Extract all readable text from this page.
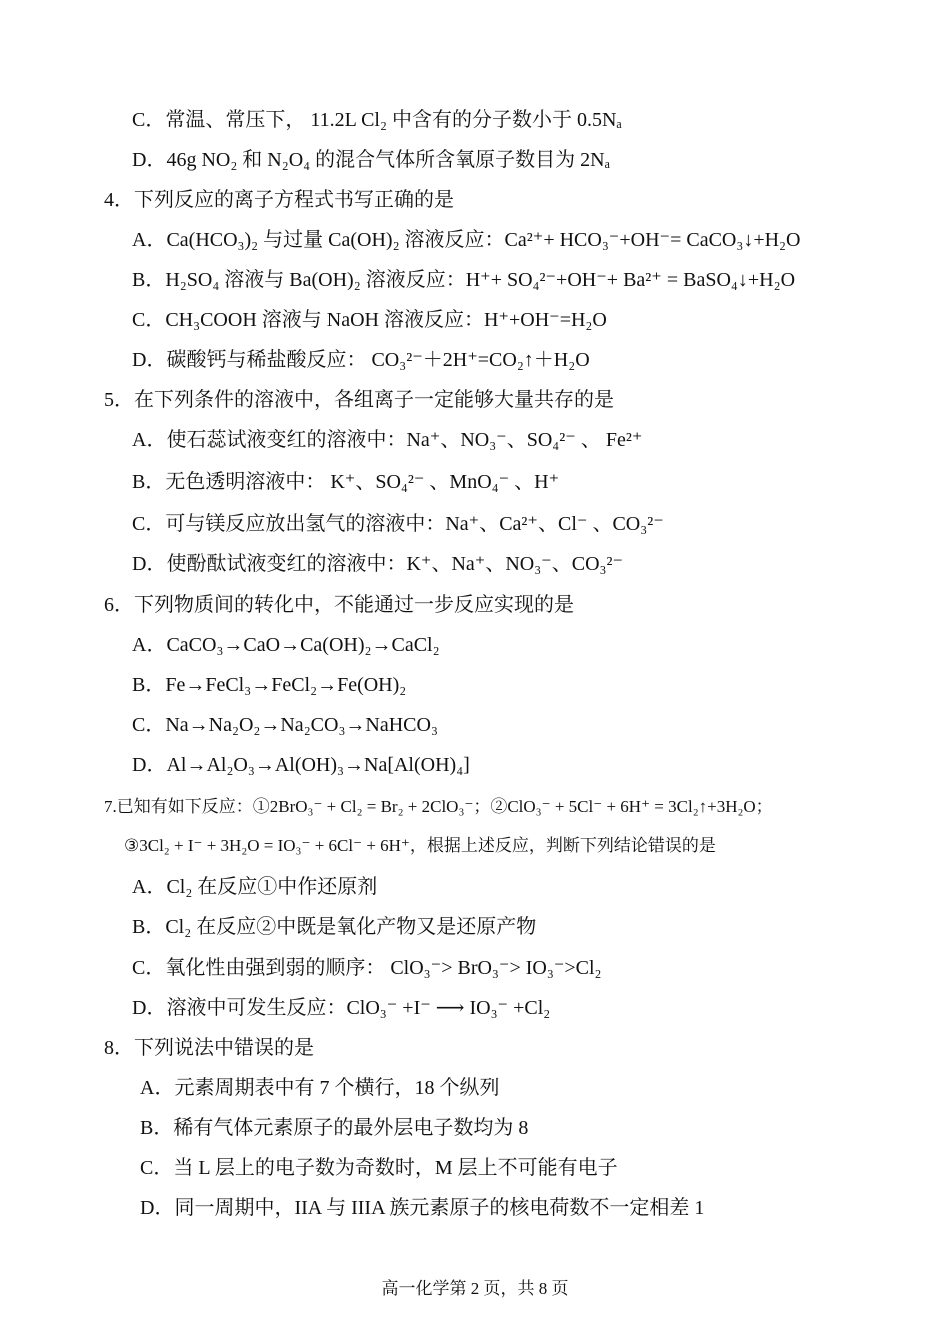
C．常温、常压下， 11.2L Cl₂ 中含有的分子数小于 0.5Nₐ
D．46g NO₂ 和 N₂O₄ 的混合气体所含氧原子数目为 2Nₐ
4．下列反应的离子方程式书写正确的是
A．Ca(HCO₃)₂ 与过量 Ca(OH)₂ 溶液反应：Ca²⁺+ HCO₃⁻+OH⁻= CaCO₃↓+H₂O
B．H₂SO₄ 溶液与 Ba(OH)₂ 溶液反应：H⁺+ SO₄²⁻+OH⁻+ Ba²⁺ = BaSO₄↓+H₂O
C．CH₃COOH 溶液与 NaOH 溶液反应：H⁺+OH⁻=H₂O
D．碳酸钙与稀盐酸反应： CO₃²⁻＋2H⁺=CO₂↑＋H₂O
5．在下列条件的溶液中，各组离子一定能够大量共存的是
A．使石蕊试液变红的溶液中：Na⁺、NO₃⁻、SO₄²⁻ 、 Fe²⁺
B．无色透明溶液中： K⁺、SO₄²⁻ 、MnO₄⁻ 、H⁺
C．可与镁反应放出氢气的溶液中：Na⁺、Ca²⁺、Cl⁻ 、CO₃²⁻
D．使酚酞试液变红的溶液中：K⁺、Na⁺、NO₃⁻、CO₃²⁻
6．下列物质间的转化中，不能通过一步反应实现的是
A．CaCO₃→CaO→Ca(OH)₂→CaCl₂
B．Fe→FeCl₃→FeCl₂→Fe(OH)₂
C．Na→Na₂O₂→Na₂CO₃→NaHCO₃
D．Al→Al₂O₃→Al(OH)₃→Na[Al(OH)₄]
7.已知有如下反应：①2BrO₃⁻ + Cl₂ = Br₂ + 2ClO₃⁻；②ClO₃⁻ + 5Cl⁻ + 6H⁺ = 3Cl₂↑+3H₂O；
③3Cl₂ + I⁻ + 3H₂O = IO₃⁻ + 6Cl⁻ + 6H⁺，根据上述反应，判断下列结论错误的是
A．Cl₂ 在反应①中作还原剂
B．Cl₂ 在反应②中既是氧化产物又是还原产物
C．氧化性由强到弱的顺序： ClO₃⁻> BrO₃⁻> IO₃⁻>Cl₂
D．溶液中可发生反应：ClO₃⁻ +I⁻ ⟶ IO₃⁻ +Cl₂
8．下列说法中错误的是
A．元素周期表中有 7 个横行，18 个纵列
B．稀有气体元素原子的最外层电子数均为 8
C．当 L 层上的电子数为奇数时，M 层上不可能有电子
D．同一周期中，IIA 与 IIIA 族元素原子的核电荷数不一定相差 1
高一化学第 2 页，共 8 页
